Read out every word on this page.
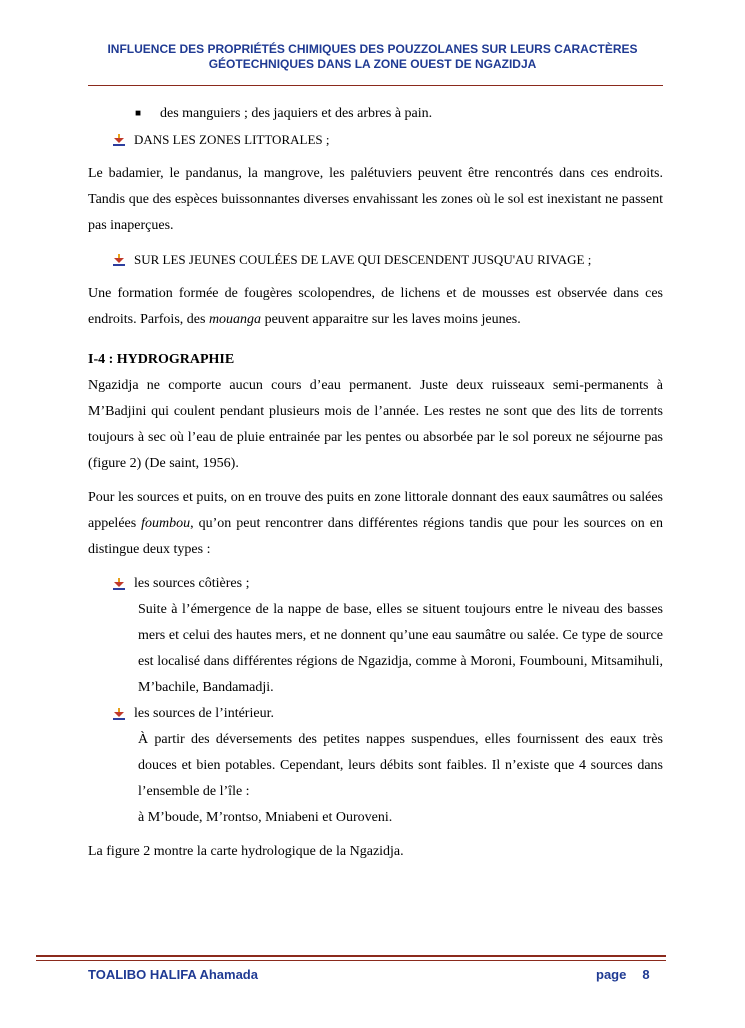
INFLUENCE DES PROPRIÉTÉS CHIMIQUES DES POUZZOLANES SUR LEURS CARACTÈRES
GÉOTECHNIQUES DANS LA ZONE OUEST DE NGAZIDJA
■ des manguiers ; des jaquiers et des arbres à pain.
DANS LES ZONES LITTORALES ;

Le badamier, le pandanus, la mangrove, les palétuviers peuvent être rencontrés dans ces endroits. Tandis que des espèces buissonnantes diverses envahissant les zones où le sol est inexistant ne passent pas inaperçues.

SUR LES JEUNES COULÉES DE LAVE QUI DESCENDENT JUSQU'AU RIVAGE ;

Une formation formée de fougères scolopendres, de lichens et de mousses est observée dans ces endroits. Parfois, des mouanga peuvent apparaitre sur les laves moins jeunes.

I-4 : HYDROGRAPHIE

Ngazidja ne comporte aucun cours d’eau permanent. Juste deux ruisseaux semi-permanents à M’Badjini qui coulent pendant plusieurs mois de l’année. Les restes ne sont que des lits de torrents toujours à sec où l’eau de pluie entrainée par les pentes ou absorbée par le sol poreux ne séjourne pas (figure 2) (De saint, 1956).

Pour les sources et puits, on en trouve des puits en zone littorale donnant des eaux saumâtres ou salées appelées foumbou, qu’on peut rencontrer dans différentes régions tandis que pour les sources on en distingue deux types :

les sources côtières ;

Suite à l’émergence de la nappe de base, elles se situent toujours entre le niveau des basses mers et celui des hautes mers, et ne donnent qu’une eau saumâtre ou salée. Ce type de source est localisé dans différentes régions de Ngazidja, comme à Moroni, Foumbouni, Mitsamihuli, M’bachile, Bandamadji.

les sources de l’intérieur.

À partir des déversements des petites nappes suspendues, elles fournissent des eaux très douces et bien potables. Cependant, leurs débits sont faibles. Il n’existe que 4 sources dans l’ensemble de l’île :

à M’boude, M’rontso, Mniabeni et Ouroveni.

La figure 2 montre la carte hydrologique de la Ngazidja.

TOALIBO HALIFA Ahamada	page 8
